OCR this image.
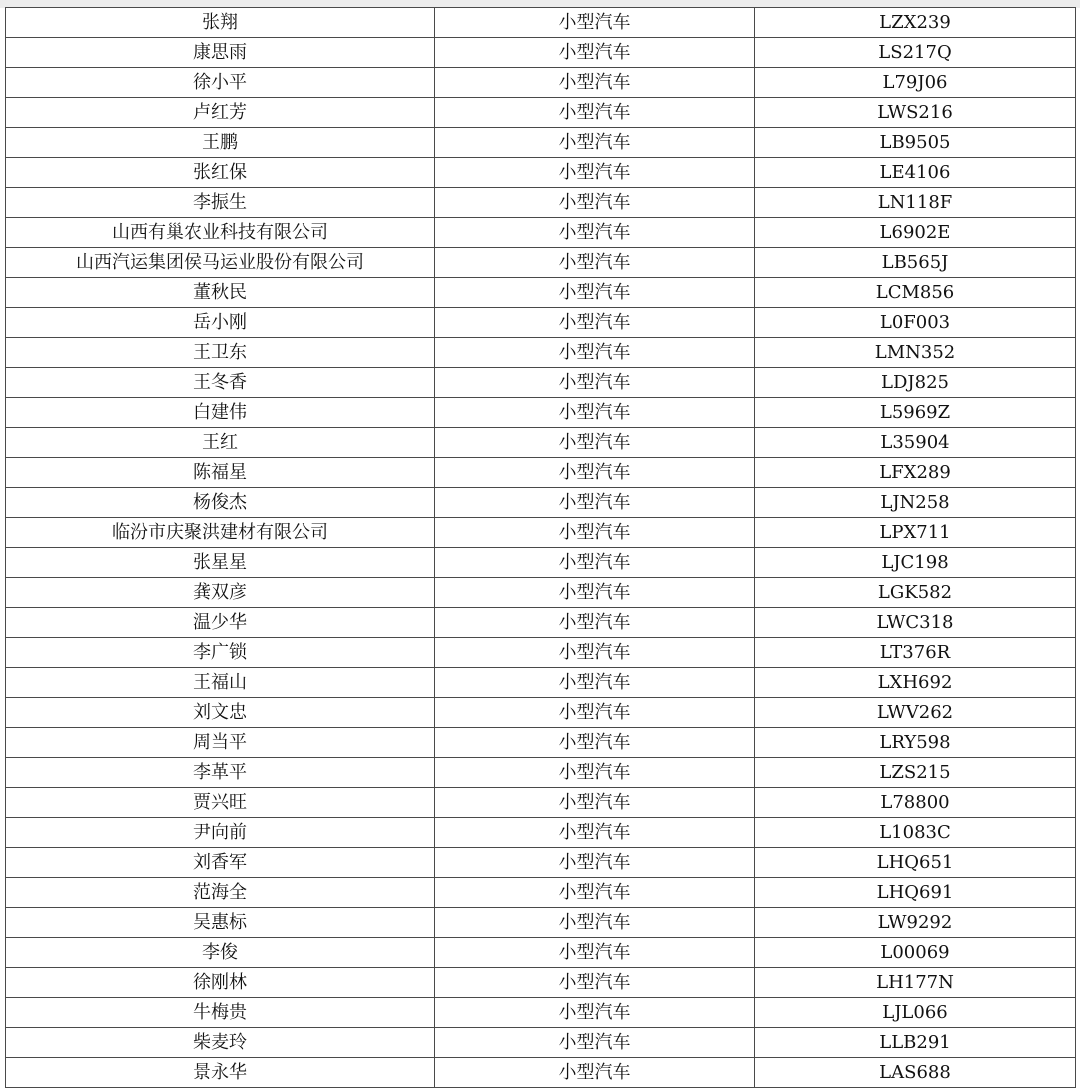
张翔	小型汽车	LZX239
康思雨	小型汽车	LS217Q
徐小平	小型汽车	L79J06
卢红芳	小型汽车	LWS216
王鹏	小型汽车	LB9505
张红保	小型汽车	LE4106
李振生	小型汽车	LN118F
山西有巢农业科技有限公司	小型汽车	L6902E
山西汽运集团侯马运业股份有限公司	小型汽车	LB565J
董秋民	小型汽车	LCM856
岳小刚	小型汽车	L0F003
王卫东	小型汽车	LMN352
王冬香	小型汽车	LDJ825
白建伟	小型汽车	L5969Z
王红	小型汽车	L35904
陈福星	小型汽车	LFX289
杨俊杰	小型汽车	LJN258
临汾市庆聚洪建材有限公司	小型汽车	LPX711
张星星	小型汽车	LJC198
龚双彦	小型汽车	LGK582
温少华	小型汽车	LWC318
李广锁	小型汽车	LT376R
王福山	小型汽车	LXH692
刘文忠	小型汽车	LWV262
周当平	小型汽车	LRY598
李革平	小型汽车	LZS215
贾兴旺	小型汽车	L78800
尹向前	小型汽车	L1083C
刘香军	小型汽车	LHQ651
范海全	小型汽车	LHQ691
吴惠标	小型汽车	LW9292
李俊	小型汽车	L00069
徐刚林	小型汽车	LH177N
牛梅贵	小型汽车	LJL066
柴麦玲	小型汽车	LLB291
景永华	小型汽车	LAS688
